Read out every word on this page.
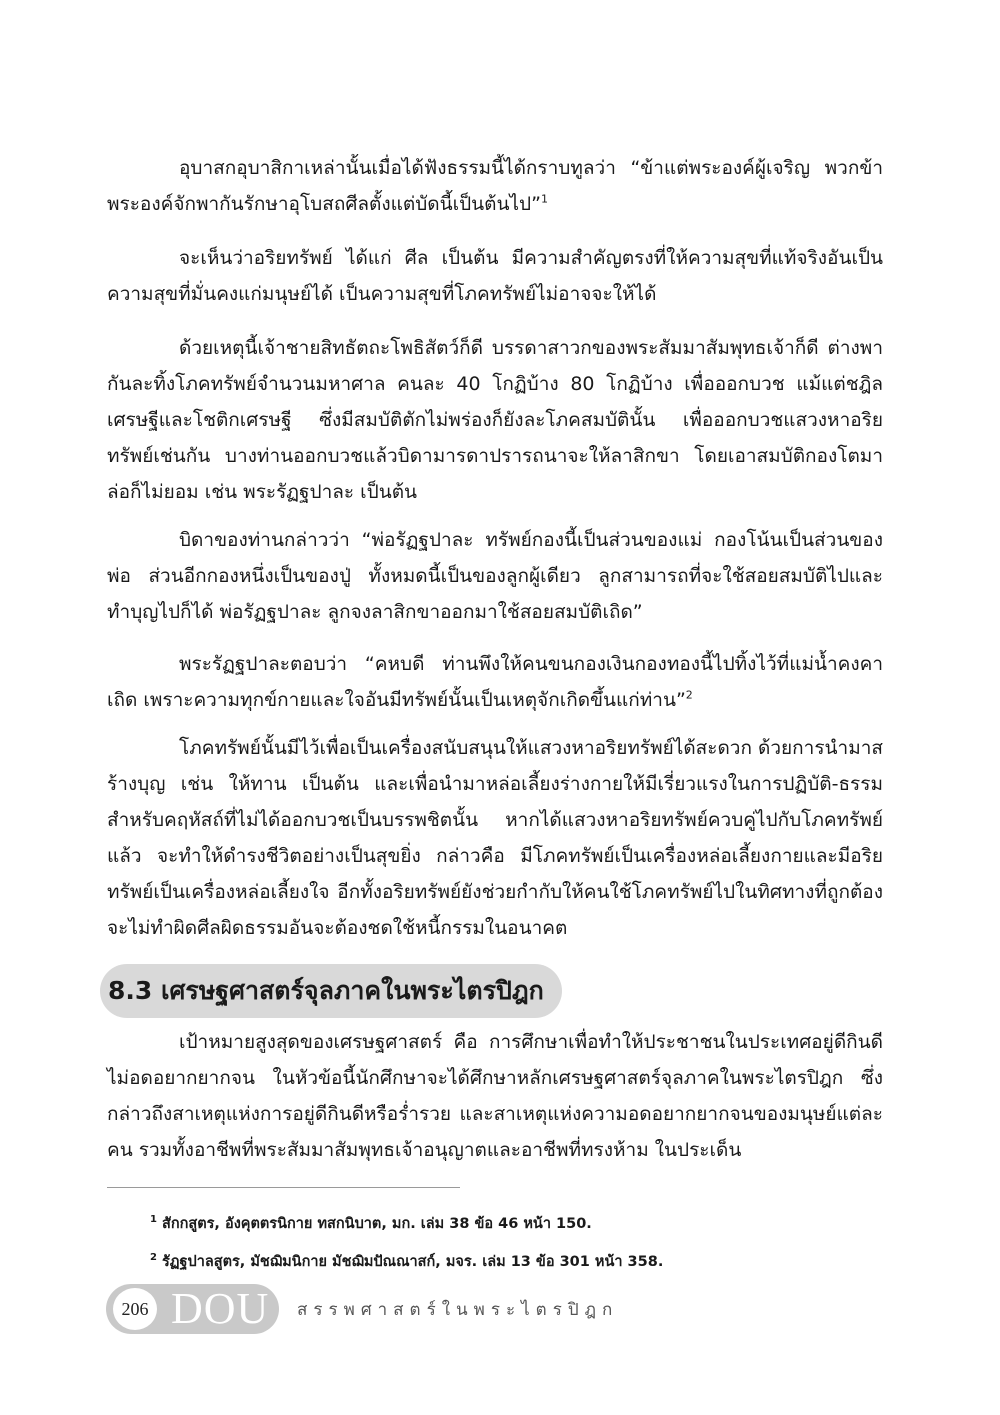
อุบาสกอุบาสิกาเหล่านั้นเมื่อได้ฟังธรรมนี้ได้กราบทูลว่า “ข้าแต่พระองค์ผู้เจริญ พวกข้าพระองค์จักพากันรักษาอุโบสถศีลตั้งแต่บัดนี้เป็นต้นไป”$^1$

จะเห็นว่าอริยทรัพย์ ได้แก่ ศีล เป็นต้น มีความสำคัญตรงที่ให้ความสุขที่แท้จริงอันเป็นความสุขที่มั่นคงแก่มนุษย์ได้ เป็นความสุขที่โภคทรัพย์ไม่อาจจะให้ได้

ด้วยเหตุนี้เจ้าชายสิทธัตถะโพธิสัตว์ก็ดี บรรดาสาวกของพระสัมมาสัมพุทธเจ้าก็ดี ต่างพากันละทิ้งโภคทรัพย์จำนวนมหาศาล คนละ 40 โกฏิบ้าง 80 โกฏิบ้าง เพื่อออกบวช แม้แต่ชฎิลเศรษฐีและโชติกเศรษฐี ซึ่งมีสมบัติตักไม่พร่องก็ยังละโภคสมบัตินั้น เพื่อออกบวชแสวงหาอริยทรัพย์เช่นกัน บางท่านออกบวชแล้วบิดามารดาปรารถนาจะให้ลาสิกขา โดยเอาสมบัติกองโตมาล่อก็ไม่ยอม เช่น พระรัฏฐปาละ เป็นต้น

บิดาของท่านกล่าวว่า “พ่อรัฏฐปาละ ทรัพย์กองนี้เป็นส่วนของแม่ กองโน้นเป็นส่วนของพ่อ ส่วนอีกกองหนึ่งเป็นของปู่ ทั้งหมดนี้เป็นของลูกผู้เดียว ลูกสามารถที่จะใช้สอยสมบัติไปและทำบุญไปก็ได้ พ่อรัฏฐปาละ ลูกจงลาสิกขาออกมาใช้สอยสมบัติเถิด”

พระรัฏฐปาละตอบว่า “คหบดี ท่านพึงให้คนขนกองเงินกองทองนี้ไปทิ้งไว้ที่แม่น้ำคงคาเถิด เพราะความทุกข์กายและใจอันมีทรัพย์นั้นเป็นเหตุจักเกิดขึ้นแก่ท่าน”$^2$

โภคทรัพย์นั้นมีไว้เพื่อเป็นเครื่องสนับสนุนให้แสวงหาอริยทรัพย์ได้สะดวก ด้วยการนำมาสร้างบุญ เช่น ให้ทาน เป็นต้น และเพื่อนำมาหล่อเลี้ยงร่างกายให้มีเรี่ยวแรงในการปฏิบัติ-ธรรม สำหรับคฤหัสถ์ที่ไม่ได้ออกบวชเป็นบรรพชิตนั้น หากได้แสวงหาอริยทรัพย์ควบคู่ไปกับโภคทรัพย์แล้ว จะทำให้ดำรงชีวิตอย่างเป็นสุขยิ่ง กล่าวคือ มีโภคทรัพย์เป็นเครื่องหล่อเลี้ยงกายและมีอริยทรัพย์เป็นเครื่องหล่อเลี้ยงใจ อีกทั้งอริยทรัพย์ยังช่วยกำกับให้คนใช้โภคทรัพย์ไปในทิศทางที่ถูกต้อง จะไม่ทำผิดศีลผิดธรรมอันจะต้องชดใช้หนี้กรรมในอนาคต

8.3 เศรษฐศาสตร์จุลภาคในพระไตรปิฎก

เป้าหมายสูงสุดของเศรษฐศาสตร์ คือ การศึกษาเพื่อทำให้ประชาชนในประเทศอยู่ดีกินดี ไม่อดอยากยากจน ในหัวข้อนี้นักศึกษาจะได้ศึกษาหลักเศรษฐศาสตร์จุลภาคในพระไตรปิฎก ซึ่งกล่าวถึงสาเหตุแห่งการอยู่ดีกินดีหรือร่ำรวย และสาเหตุแห่งความอดอยากยากจนของมนุษย์แต่ละคน รวมทั้งอาชีพที่พระสัมมาสัมพุทธเจ้าอนุญาตและอาชีพที่ทรงห้าม ในประเด็น

$^1$ สักกสูตร, อังคุตตรนิกาย ทสกนิบาต, มก. เล่ม 38 ข้อ 46 หน้า 150.

$^2$ รัฏฐปาลสูตร, มัชฌิมนิกาย มัชฌิมปัณณาสก์, มจร. เล่ม 13 ข้อ 301 หน้า 358.

206 DOU สรรพศาสตร์ในพระไตรปิฎก
